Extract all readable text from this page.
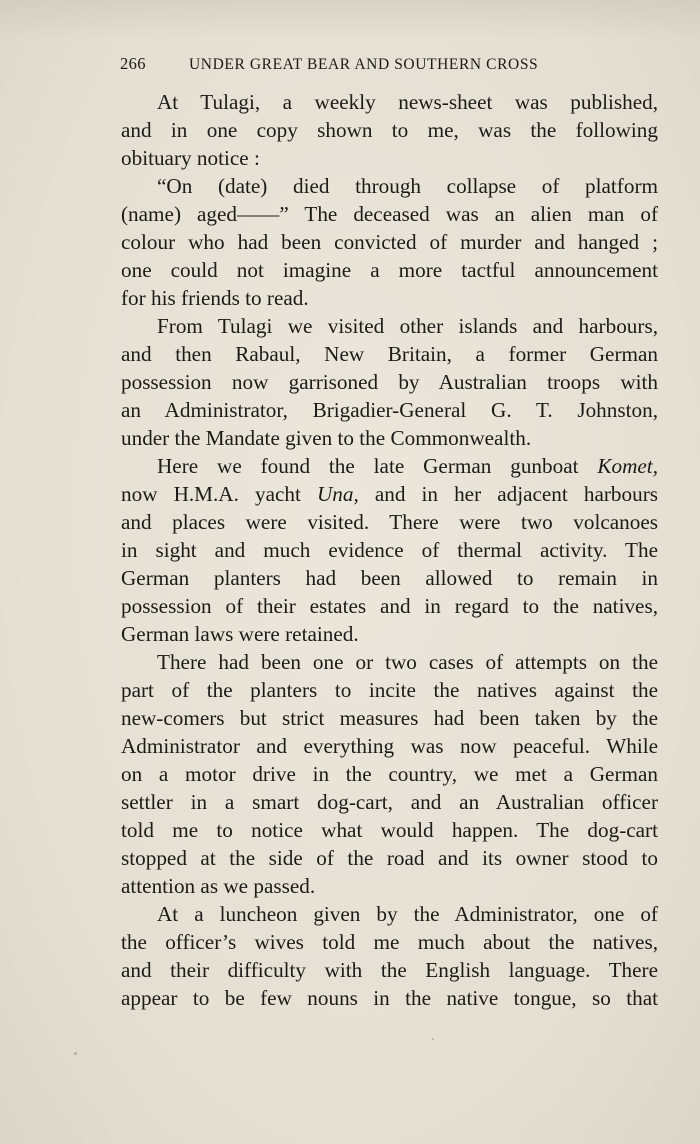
266	UNDER GREAT BEAR AND SOUTHERN CROSS
At Tulagi, a weekly news-sheet was published,
and in one copy shown to me, was the following
obituary notice :
“On (date) died through collapse of platform
(name) aged——” The deceased was an alien man of
colour who had been convicted of murder and hanged ;
one could not imagine a more tactful announcement
for his friends to read.
From Tulagi we visited other islands and harbours,
and then Rabaul, New Britain, a former German
possession now garrisoned by Australian troops with
an Administrator, Brigadier-General G. T. Johnston,
under the Mandate given to the Commonwealth.
Here we found the late German gunboat Komet,
now H.M.A. yacht Una, and in her adjacent harbours
and places were visited. There were two volcanoes
in sight and much evidence of thermal activity. The
German planters had been allowed to remain in
possession of their estates and in regard to the natives,
German laws were retained.
There had been one or two cases of attempts on the
part of the planters to incite the natives against the
new-comers but strict measures had been taken by the
Administrator and everything was now peaceful. While
on a motor drive in the country, we met a German
settler in a smart dog-cart, and an Australian officer
told me to notice what would happen. The dog-cart
stopped at the side of the road and its owner stood to
attention as we passed.
At a luncheon given by the Administrator, one of
the officer’s wives told me much about the natives,
and their difficulty with the English language. There
appear to be few nouns in the native tongue, so that
